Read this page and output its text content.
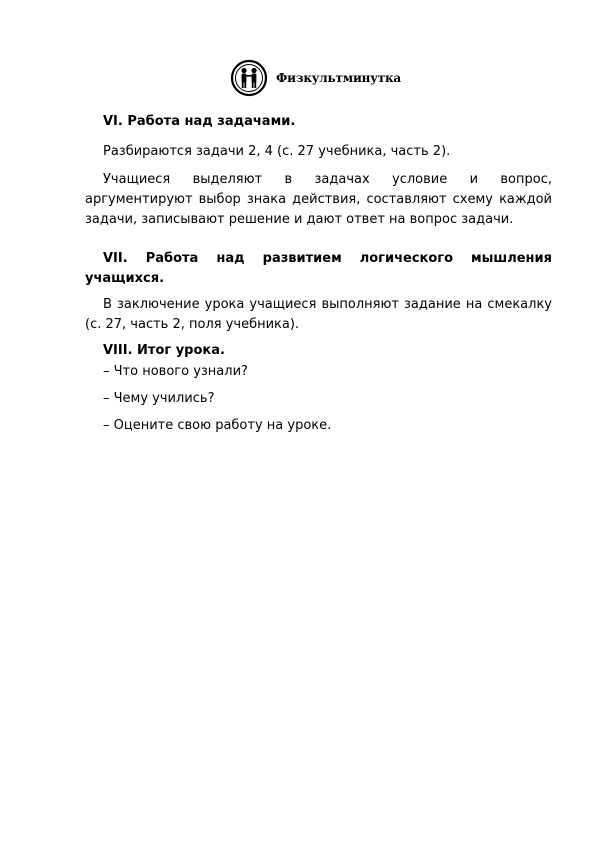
Физкультминутка
VI. Работа над задачами.
Разбираются задачи 2, 4 (с. 27 учебника, часть 2).
Учащиеся выделяют в задачах условие и вопрос, аргументируют выбор знака действия, составляют схему каждой задачи, записывают решение и дают ответ на вопрос задачи.
VII. Работа над развитием логического мышления учащихся.
В заключение урока учащиеся выполняют задание на смекалку (с. 27, часть 2, поля учебника).
VIII. Итог урока.
– Что нового узнали?
– Чему учились?
– Оцените свою работу на уроке.
